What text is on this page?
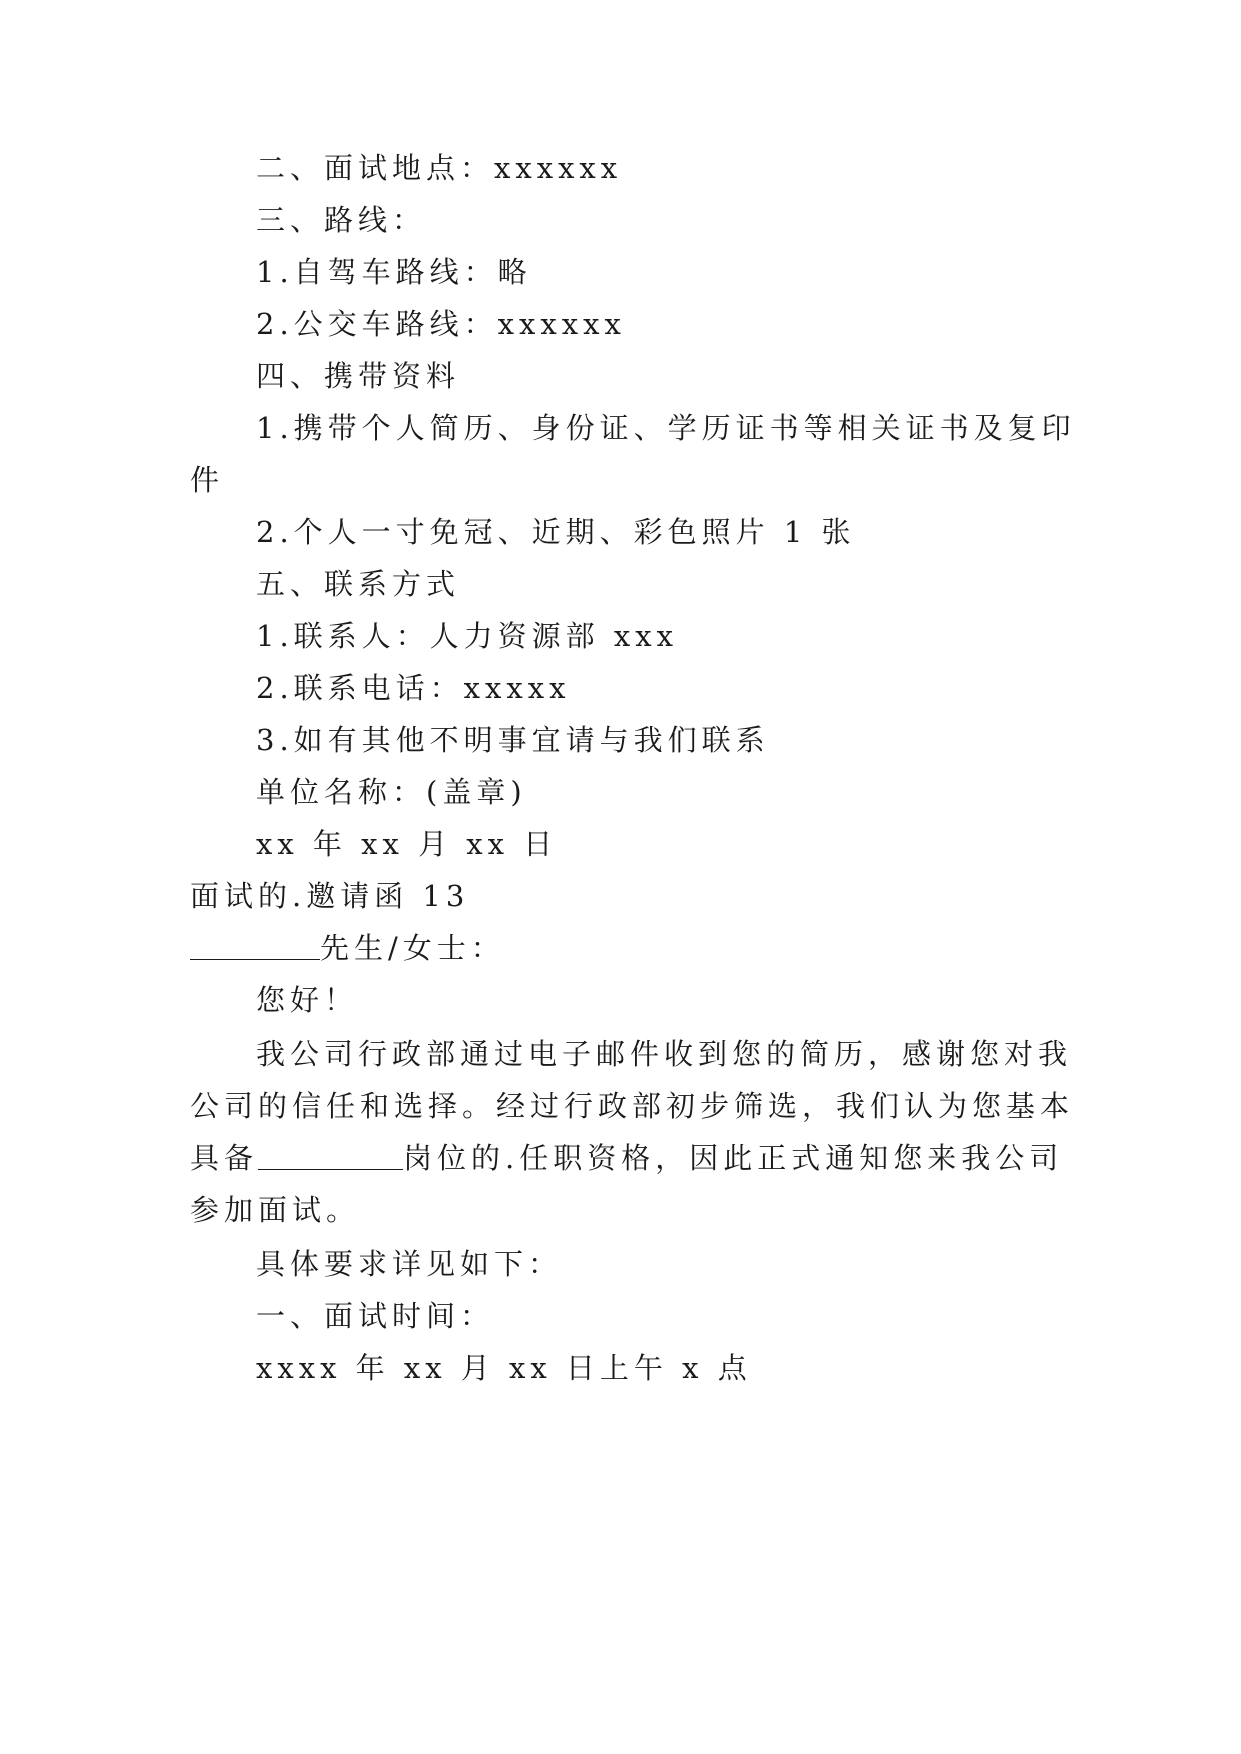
二、面试地点：xxxxxx
三、路线：
1.自驾车路线：略
2.公交车路线：xxxxxx
四、携带资料
1.携带个人简历、身份证、学历证书等相关证书及复印
件
2.个人一寸免冠、近期、彩色照片 1 张
五、联系方式
1.联系人：人力资源部 xxx
2.联系电话：xxxxx
3.如有其他不明事宜请与我们联系
单位名称：(盖章)
xx 年 xx 月 xx 日
面试的.邀请函 13
先生/女士：
您好！
我公司行政部通过电子邮件收到您的简历，感谢您对我
公司的信任和选择。经过行政部初步筛选，我们认为您基本
具备	岗位的.任职资格，因此正式通知您来我公司
参加面试。
具体要求详见如下：
一、面试时间：
xxxx 年 xx 月 xx 日上午 x 点
